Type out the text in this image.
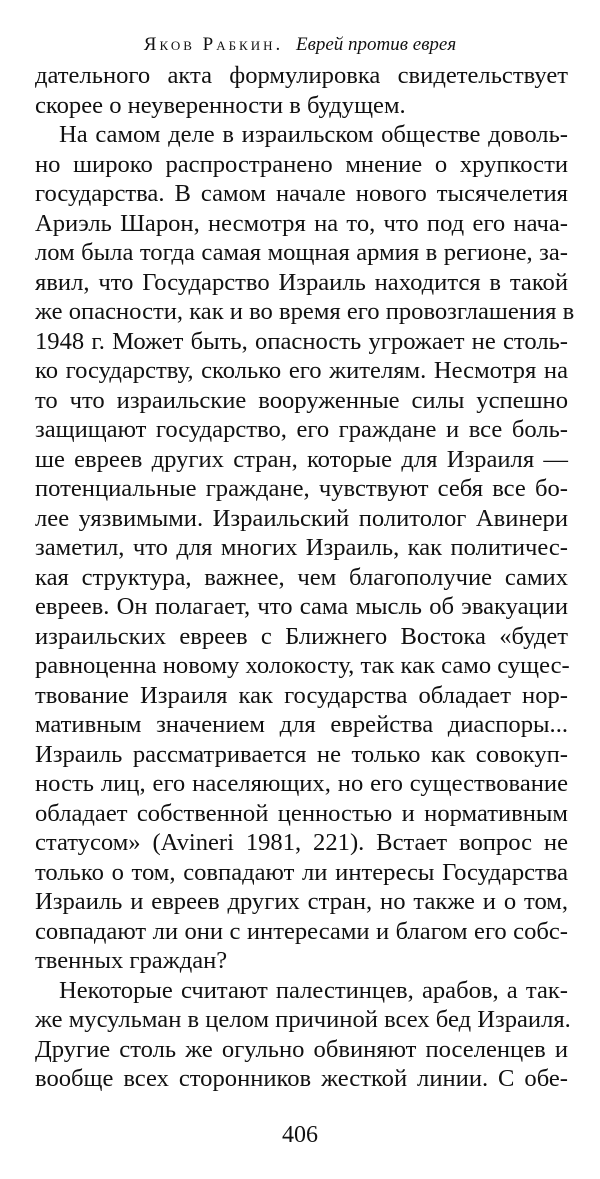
Яков Рабкин. Еврей против еврея
дательного акта формулировка свидетельствует
скорее о неуверенности в будущем.
На самом деле в израильском обществе доволь-
но широко распространено мнение о хрупкости
государства. В самом начале нового тысячелетия
Ариэль Шарон, несмотря на то, что под его нача-
лом была тогда самая мощная армия в регионе, за-
явил, что Государство Израиль находится в такой
же опасности, как и во время его провозглашения в
1948 г. Может быть, опасность угрожает не столь-
ко государству, сколько его жителям. Несмотря на
то что израильские вооруженные силы успешно
защищают государство, его граждане и все боль-
ше евреев других стран, которые для Израиля —
потенциальные граждане, чувствуют себя все бо-
лее уязвимыми. Израильский политолог Авинери
заметил, что для многих Израиль, как политичес-
кая структура, важнее, чем благополучие самих
евреев. Он полагает, что сама мысль об эвакуации
израильских евреев с Ближнего Востока «будет
равноценна новому холокосту, так как само сущес-
твование Израиля как государства обладает нор-
мативным значением для еврейства диаспоры...
Израиль рассматривается не только как совокуп-
ность лиц, его населяющих, но его существование
обладает собственной ценностью и нормативным
статусом» (Avineri 1981, 221). Встает вопрос не
только о том, совпадают ли интересы Государства
Израиль и евреев других стран, но также и о том,
совпадают ли они с интересами и благом его собс-
твенных граждан?
Некоторые считают палестинцев, арабов, а так-
же мусульман в целом причиной всех бед Израиля.
Другие столь же огульно обвиняют поселенцев и
вообще всех сторонников жесткой линии. С обе-
406
